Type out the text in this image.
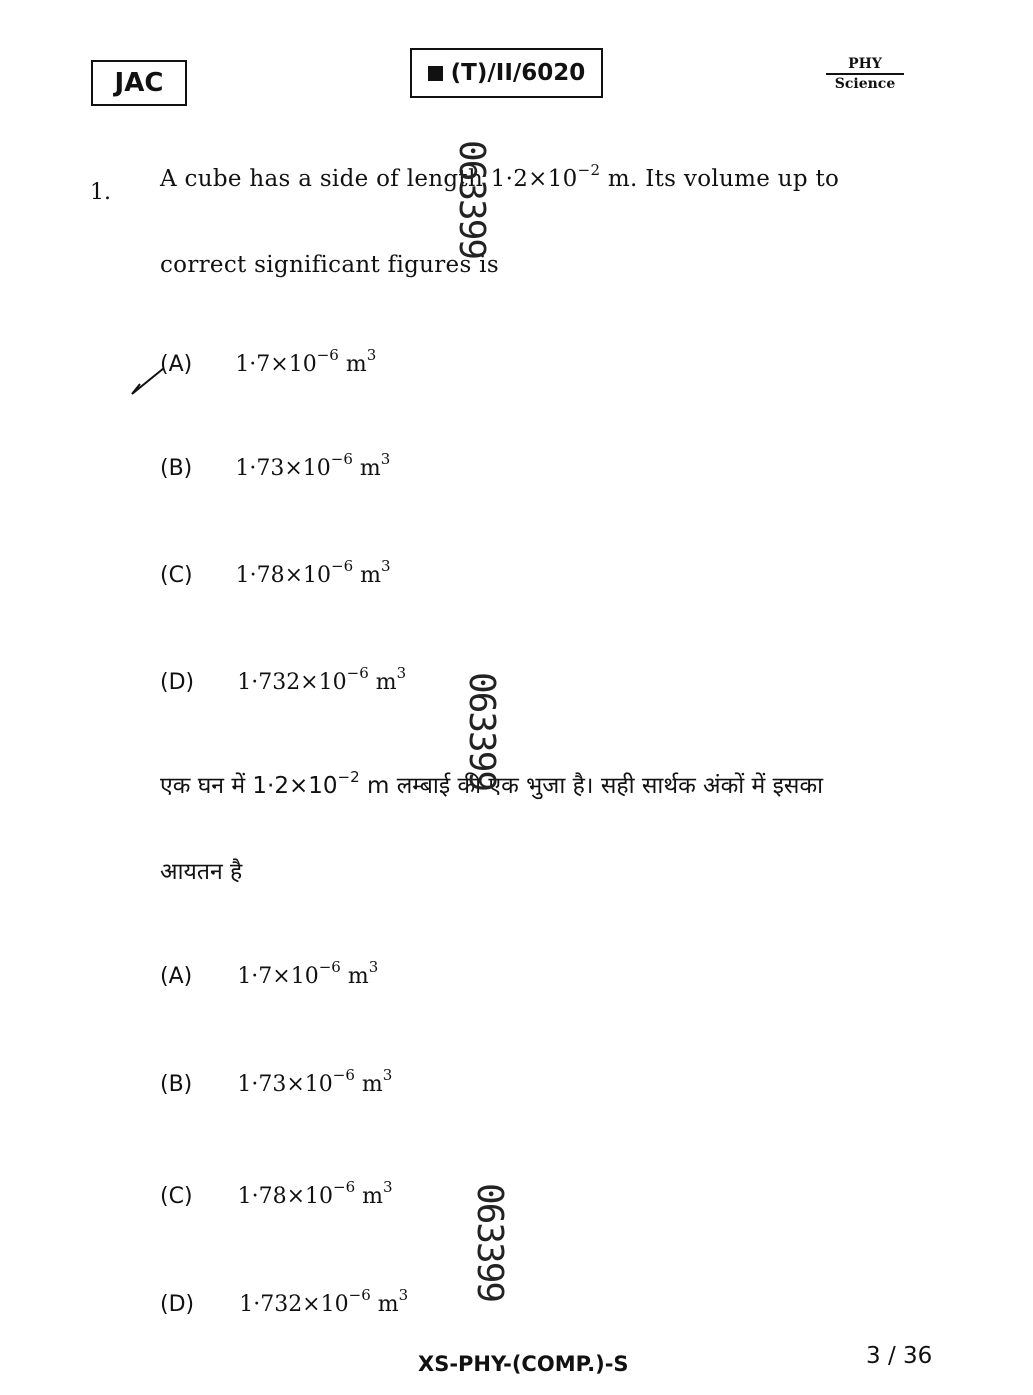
JAC	(T)/II/6020	PHY
Science
1.
A cube has a side of length $1\cdot 2\times 10^{-2}$ m. Its volume up to
correct significant figures is
(A) $1\cdot 7\times 10^{-6}$ $m^3$
(B) $1\cdot 73\times 10^{-6}$ $m^3$
(C) $1\cdot 78\times 10^{-6}$ $m^3$
(D) $1\cdot 732\times 10^{-6}$ $m^3$
एक घन में $1\cdot 2\times 10^{-2}$ m लम्बाई की एक भुजा है। सही सार्थक अंकों में इसका
आयतन है
(A) $1\cdot 7\times 10^{-6}$ $m^3$
(B) $1\cdot 73\times 10^{-6}$ $m^3$
(C) $1\cdot 78\times 10^{-6}$ $m^3$
(D) $1\cdot 732\times 10^{-6}$ $m^3$
063399
063399
063399
XS-PHY-(COMP.)-S	3 / 36
